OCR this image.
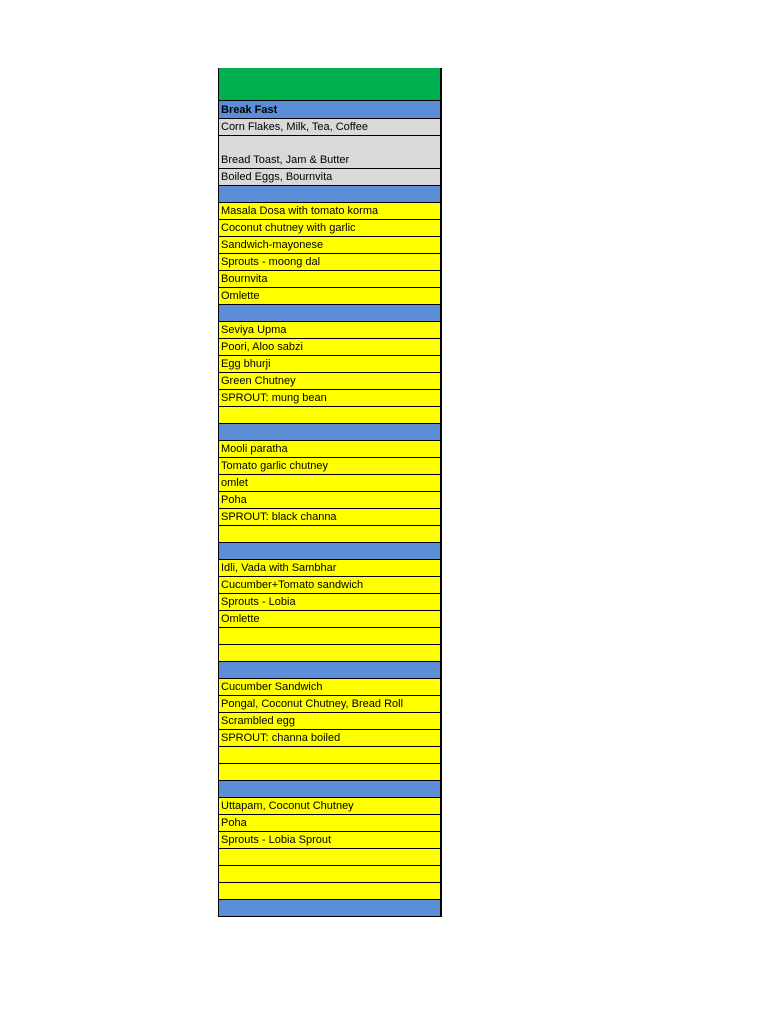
Break Fast
Corn Flakes, Milk, Tea, Coffee
Bread Toast, Jam & Butter
Boiled Eggs, Bournvita
Masala Dosa with tomato korma
Coconut chutney with garlic
Sandwich-mayonese
Sprouts - moong dal
Bournvita
Omlette
Seviya Upma
Poori, Aloo sabzi
Egg bhurji
Green Chutney
SPROUT: mung bean
Mooli paratha
Tomato garlic chutney
omlet
Poha
SPROUT: black channa
Idli, Vada with Sambhar
Cucumber+Tomato sandwich
Sprouts - Lobia
Omlette
Cucumber Sandwich
Pongal, Coconut Chutney, Bread Roll
Scrambled egg
SPROUT: channa boiled
Uttapam, Coconut Chutney
Poha
Sprouts - Lobia Sprout
